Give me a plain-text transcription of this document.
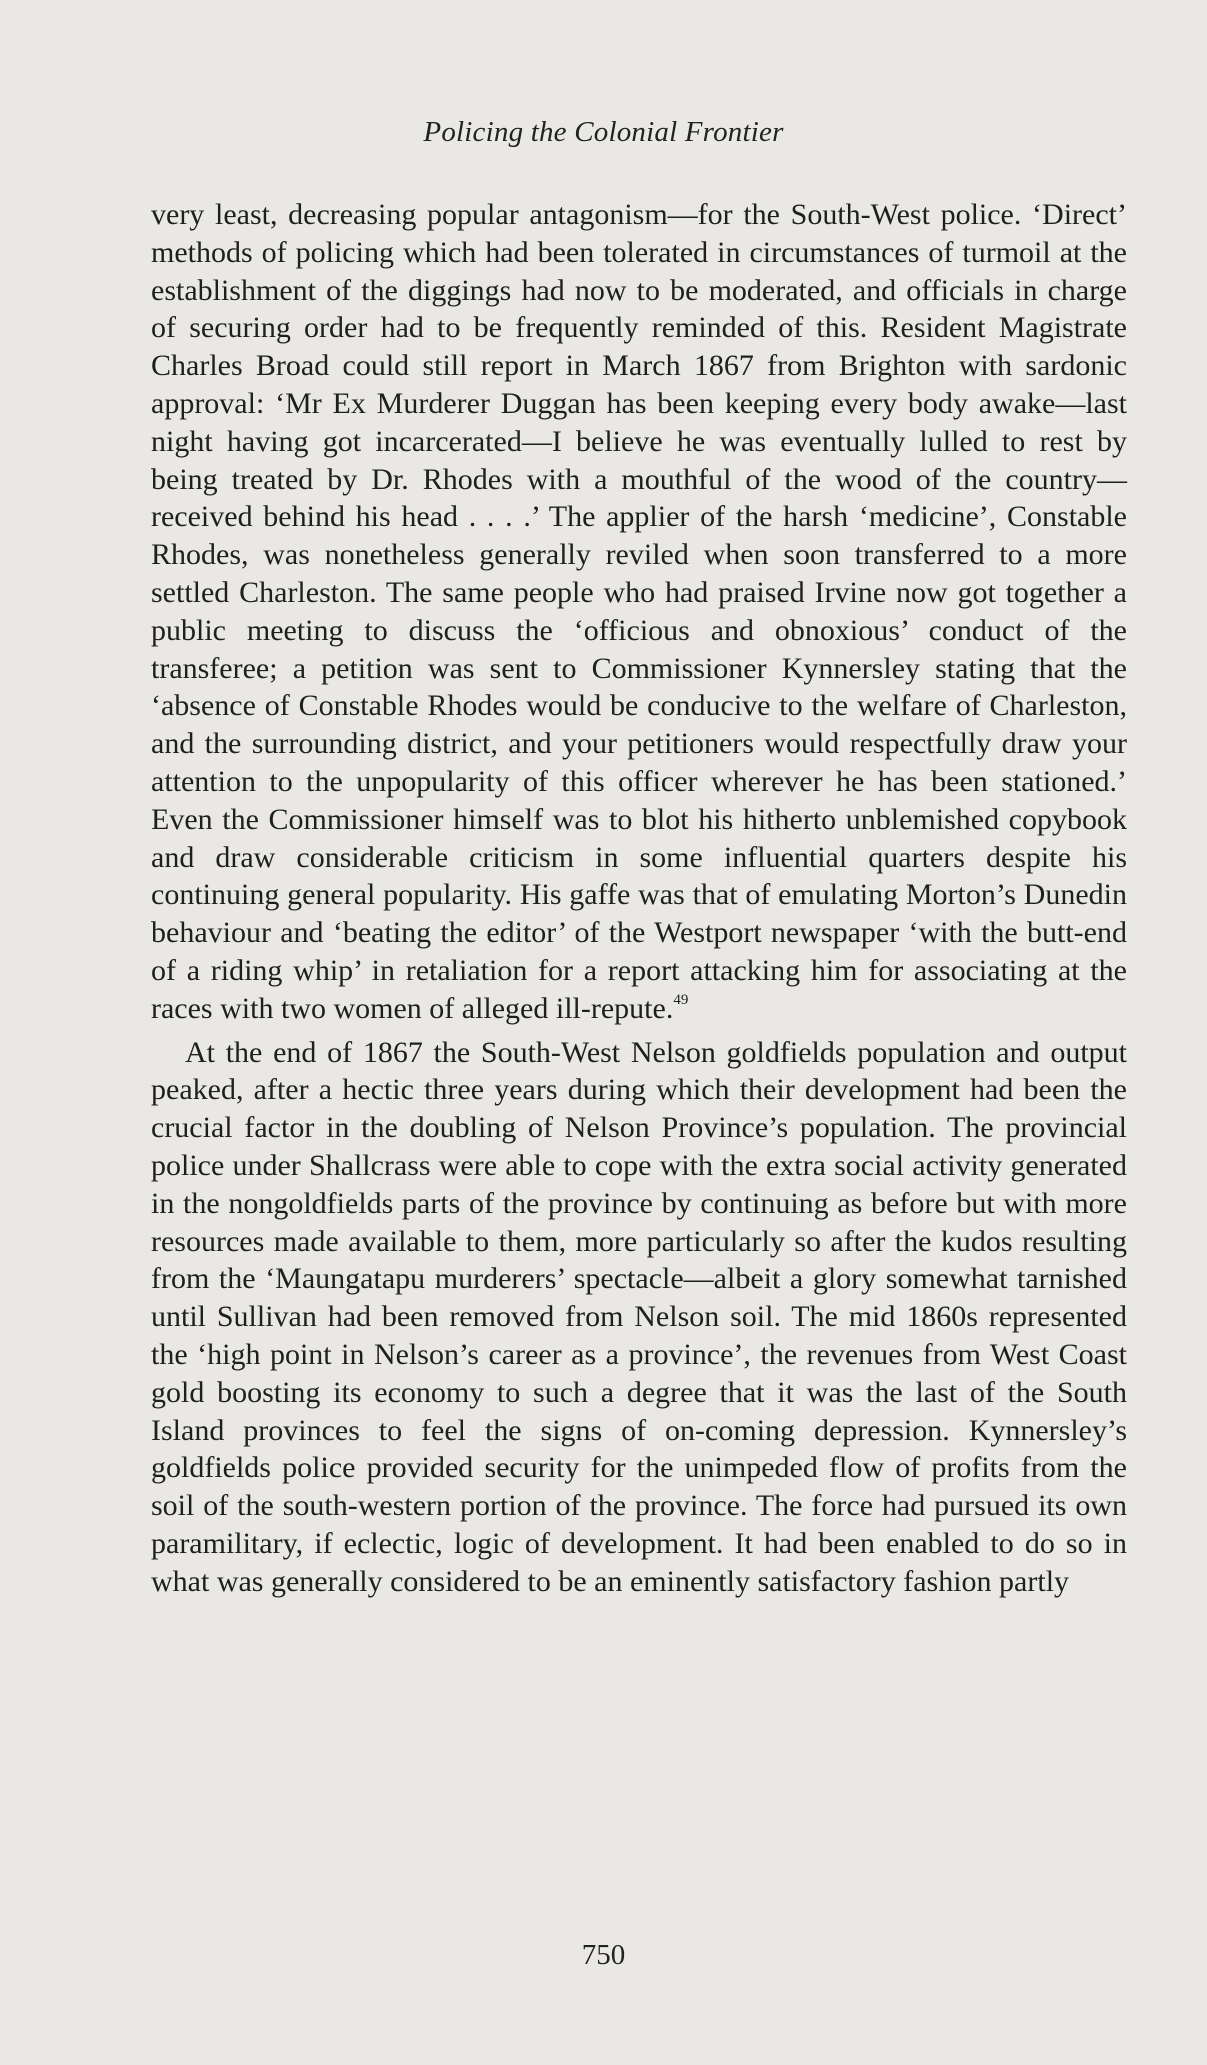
Policing the Colonial Frontier

very least, decreasing popular antagonism—for the South-West police. ‘Direct’ methods of policing which had been tolerated in circumstances of turmoil at the establishment of the diggings had now to be moderated, and officials in charge of securing order had to be frequently reminded of this. Resident Magistrate Charles Broad could still report in March 1867 from Brighton with sardonic approval: ‘Mr Ex Murderer Duggan has been keeping every body awake—last night having got incarcerated—I believe he was eventually lulled to rest by being treated by Dr. Rhodes with a mouthful of the wood of the country—received behind his head . . . .’ The applier of the harsh ‘medicine’, Constable Rhodes, was nonetheless generally reviled when soon transferred to a more settled Charleston. The same people who had praised Irvine now got together a public meeting to discuss the ‘officious and obnoxious’ conduct of the transferee; a petition was sent to Commissioner Kynnersley stating that the ‘absence of Constable Rhodes would be conducive to the welfare of Charleston, and the surrounding district, and your petitioners would respectfully draw your attention to the unpopularity of this officer wherever he has been stationed.’ Even the Commissioner himself was to blot his hitherto unblemished copybook and draw considerable criticism in some influential quarters despite his continuing general popularity. His gaffe was that of emulating Morton’s Dunedin behaviour and ‘beating the editor’ of the Westport newspaper ‘with the butt-end of a riding whip’ in retaliation for a report attacking him for associating at the races with two women of alleged ill-repute.$^{49}$

At the end of 1867 the South-West Nelson goldfields population and output peaked, after a hectic three years during which their development had been the crucial factor in the doubling of Nelson Province’s population. The provincial police under Shallcrass were able to cope with the extra social activity generated in the nongoldfields parts of the province by continuing as before but with more resources made available to them, more particularly so after the kudos resulting from the ‘Maungatapu murderers’ spectacle—albeit a glory somewhat tarnished until Sullivan had been removed from Nelson soil. The mid 1860s represented the ‘high point in Nelson’s career as a province’, the revenues from West Coast gold boosting its economy to such a degree that it was the last of the South Island provinces to feel the signs of on-coming depression. Kynnersley’s goldfields police provided security for the unimpeded flow of profits from the soil of the south-western portion of the province. The force had pursued its own paramilitary, if eclectic, logic of development. It had been enabled to do so in what was generally considered to be an eminently satisfactory fashion partly

750
